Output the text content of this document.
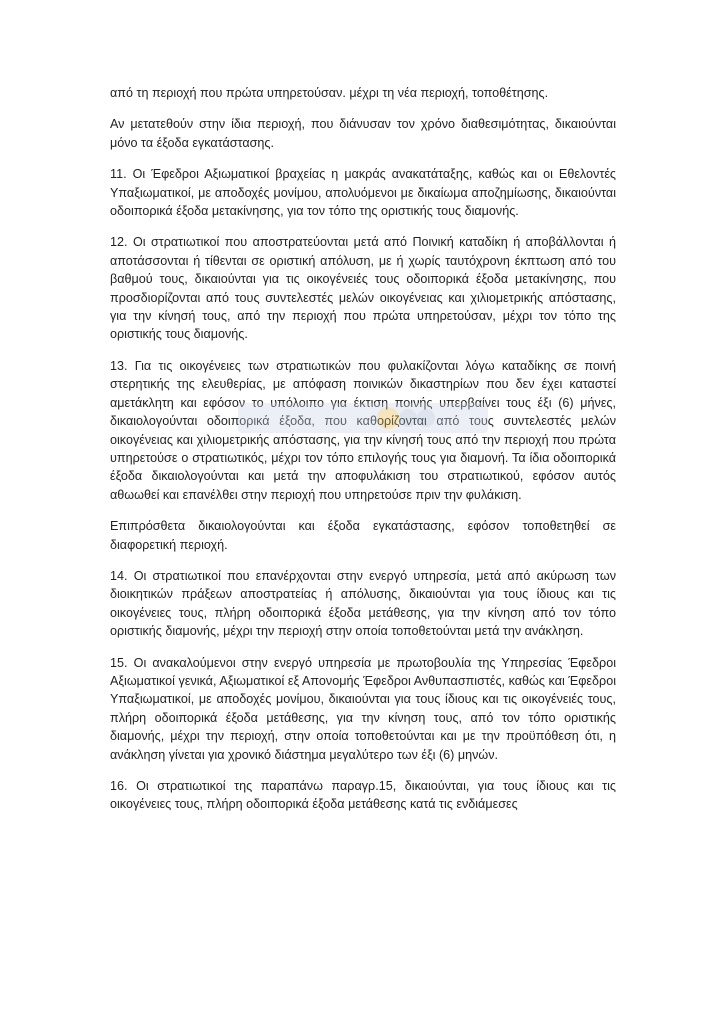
από τη περιοχή που πρώτα υπηρετούσαν. μέχρι τη νέα περιοχή, τοποθέτησης.

Αν μετατεθούν στην ίδια περιοχή, που διάνυσαν τον χρόνο διαθεσιμότητας, δικαιούνται μόνο τα έξοδα εγκατάστασης.

11. Οι Έφεδροι Αξιωματικοί βραχείας η μακράς ανακατάταξης, καθώς και οι Εθελοντές Υπαξιωματικοί, με αποδοχές μονίμου, απολυόμενοι με δικαίωμα αποζημίωσης, δικαιούνται οδοιπορικά έξοδα μετακίνησης, για τον τόπο της οριστικής τους διαμονής.

12. Οι στρατιωτικοί που αποστρατεύονται μετά από Ποινική καταδίκη ή αποβάλλονται ή αποτάσσονται ή τίθενται σε οριστική απόλυση, με ή χωρίς ταυτόχρονη έκπτωση από του βαθμού τους, δικαιούνται για τις οικογένειές τους οδοιπορικά έξοδα μετακίνησης, που προσδιορίζονται από τους συντελεστές μελών οικογένειας και χιλιομετρικής απόστασης, για την κίνησή τους, από την περιοχή που πρώτα υπηρετούσαν, μέχρι τον τόπο της οριστικής τους διαμονής.

13. Για τις οικογένειες των στρατιωτικών που φυλακίζονται λόγω καταδίκης σε ποινή στερητικής της ελευθερίας, με απόφαση ποινικών δικαστηρίων που δεν έχει καταστεί αμετάκλητη και εφόσον το υπόλοιπο για έκτιση ποινής υπερβαίνει τους έξι (6) μήνες, δικαιολογούνται οδοιπορικά έξοδα, που καθορίζονται από τους συντελεστές μελών οικογένειας και χιλιομετρικής απόστασης, για την κίνησή τους από την περιοχή που πρώτα υπηρετούσε ο στρατιωτικός, μέχρι τον τόπο επιλογής τους για διαμονή. Τα ίδια οδοιπορικά έξοδα δικαιολογούνται και μετά την αποφυλάκιση του στρατιωτικού, εφόσον αυτός αθωωθεί και επανέλθει στην περιοχή που υπηρετούσε πριν την φυλάκιση.

Επιπρόσθετα δικαιολογούνται και έξοδα εγκατάστασης, εφόσον τοποθετηθεί σε διαφορετική περιοχή.

14. Οι στρατιωτικοί που επανέρχονται στην ενεργό υπηρεσία, μετά από ακύρωση των διοικητικών πράξεων αποστρατείας ή απόλυσης, δικαιούνται για τους ίδιους και τις οικογένειες τους, πλήρη οδοιπορικά έξοδα μετάθεσης, για την κίνηση από τον τόπο οριστικής διαμονής, μέχρι την περιοχή στην οποία τοποθετούνται μετά την ανάκληση.

15. Οι ανακαλούμενοι στην ενεργό υπηρεσία με πρωτοβουλία της Υπηρεσίας Έφεδροι Αξιωματικοί γενικά, Αξιωματικοί εξ Απονομής Έφεδροι Ανθυπασπιστές, καθώς και Έφεδροι Υπαξιωματικοί, με αποδοχές μονίμου, δικαιούνται για τους ίδιους και τις οικογένειές τους, πλήρη οδοιπορικά έξοδα μετάθεσης, για την κίνηση τους, από τον τόπο οριστικής διαμονής, μέχρι την περιοχή, στην οποία τοποθετούνται και με την προϋπόθεση ότι, η ανάκληση γίνεται για χρονικό διάστημα μεγαλύτερο των έξι (6) μηνών.

16. Οι στρατιωτικοί της παραπάνω παραγρ.15, δικαιούνται, για τους ίδιους και τις οικογένειες τους, πλήρη οδοιπορικά έξοδα μετάθεσης κατά τις ενδιάμεσες
